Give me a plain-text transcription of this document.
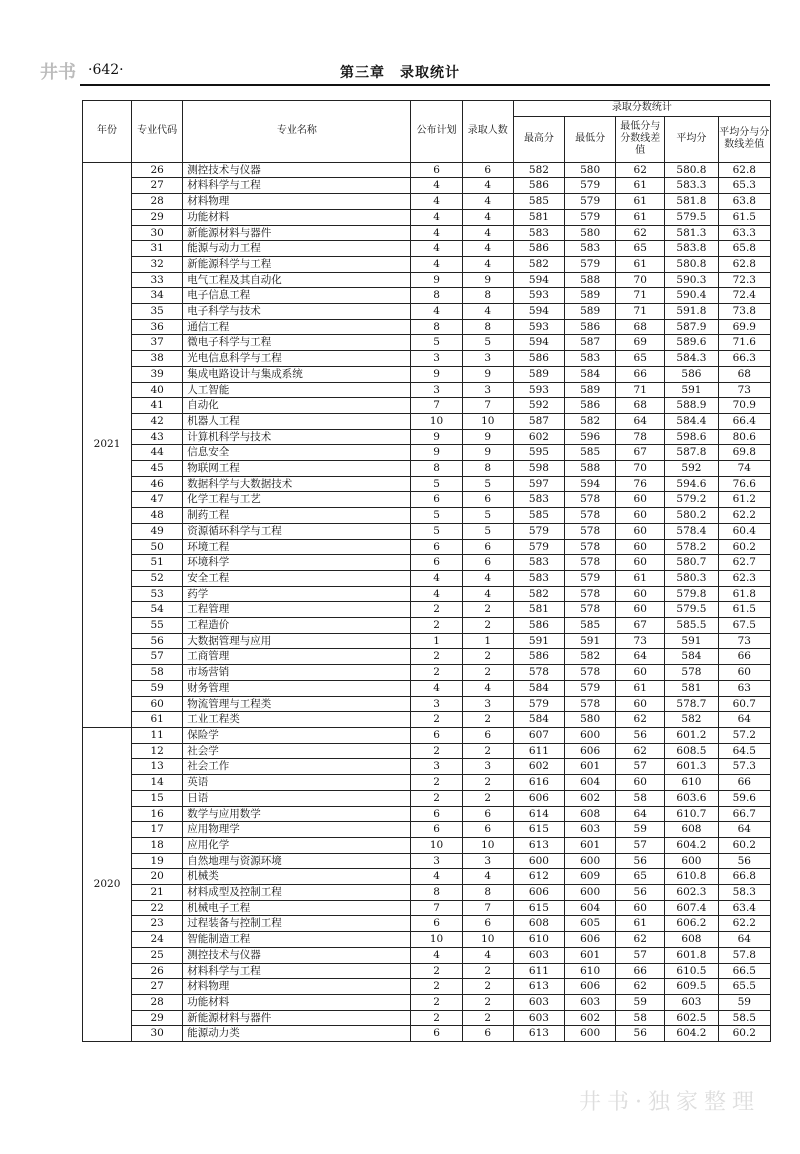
井书 ·642·	第三章　录取统计
年份	专业代码	专业名称	公布计划	录取人数	录取分数统计				
					最高分	最低分	最低分与分数线差值	平均分	平均分与分数线差值
2021	26	测控技术与仪器	6	6	582	580	62	580.8	62.8
	27	材料科学与工程	4	4	586	579	61	583.3	65.3
	28	材料物理	4	4	585	579	61	581.8	63.8
	29	功能材料	4	4	581	579	61	579.5	61.5
	30	新能源材料与器件	4	4	583	580	62	581.3	63.3
	31	能源与动力工程	4	4	586	583	65	583.8	65.8
	32	新能源科学与工程	4	4	582	579	61	580.8	62.8
	33	电气工程及其自动化	9	9	594	588	70	590.3	72.3
	34	电子信息工程	8	8	593	589	71	590.4	72.4
	35	电子科学与技术	4	4	594	589	71	591.8	73.8
	36	通信工程	8	8	593	586	68	587.9	69.9
	37	微电子科学与工程	5	5	594	587	69	589.6	71.6
	38	光电信息科学与工程	3	3	586	583	65	584.3	66.3
	39	集成电路设计与集成系统	9	9	589	584	66	586	68
	40	人工智能	3	3	593	589	71	591	73
	41	自动化	7	7	592	586	68	588.9	70.9
	42	机器人工程	10	10	587	582	64	584.4	66.4
	43	计算机科学与技术	9	9	602	596	78	598.6	80.6
	44	信息安全	9	9	595	585	67	587.8	69.8
	45	物联网工程	8	8	598	588	70	592	74
	46	数据科学与大数据技术	5	5	597	594	76	594.6	76.6
	47	化学工程与工艺	6	6	583	578	60	579.2	61.2
	48	制药工程	5	5	585	578	60	580.2	62.2
	49	资源循环科学与工程	5	5	579	578	60	578.4	60.4
	50	环境工程	6	6	579	578	60	578.2	60.2
	51	环境科学	6	6	583	578	60	580.7	62.7
	52	安全工程	4	4	583	579	61	580.3	62.3
	53	药学	4	4	582	578	60	579.8	61.8
	54	工程管理	2	2	581	578	60	579.5	61.5
	55	工程造价	2	2	586	585	67	585.5	67.5
	56	大数据管理与应用	1	1	591	591	73	591	73
	57	工商管理	2	2	586	582	64	584	66
	58	市场营销	2	2	578	578	60	578	60
	59	财务管理	4	4	584	579	61	581	63
	60	物流管理与工程类	3	3	579	578	60	578.7	60.7
	61	工业工程类	2	2	584	580	62	582	64
2020	11	保险学	6	6	607	600	56	601.2	57.2
	12	社会学	2	2	611	606	62	608.5	64.5
	13	社会工作	3	3	602	601	57	601.3	57.3
	14	英语	2	2	616	604	60	610	66
	15	日语	2	2	606	602	58	603.6	59.6
	16	数学与应用数学	6	6	614	608	64	610.7	66.7
	17	应用物理学	6	6	615	603	59	608	64
	18	应用化学	10	10	613	601	57	604.2	60.2
	19	自然地理与资源环境	3	3	600	600	56	600	56
	20	机械类	4	4	612	609	65	610.8	66.8
	21	材料成型及控制工程	8	8	606	600	56	602.3	58.3
	22	机械电子工程	7	7	615	604	60	607.4	63.4
	23	过程装备与控制工程	6	6	608	605	61	606.2	62.2
	24	智能制造工程	10	10	610	606	62	608	64
	25	测控技术与仪器	4	4	603	601	57	601.8	57.8
	26	材料科学与工程	2	2	611	610	66	610.5	66.5
	27	材料物理	2	2	613	606	62	609.5	65.5
	28	功能材料	2	2	603	603	59	603	59
	29	新能源材料与器件	2	2	603	602	58	602.5	58.5
	30	能源动力类	6	6	613	600	56	604.2	60.2
井书·独家整理
